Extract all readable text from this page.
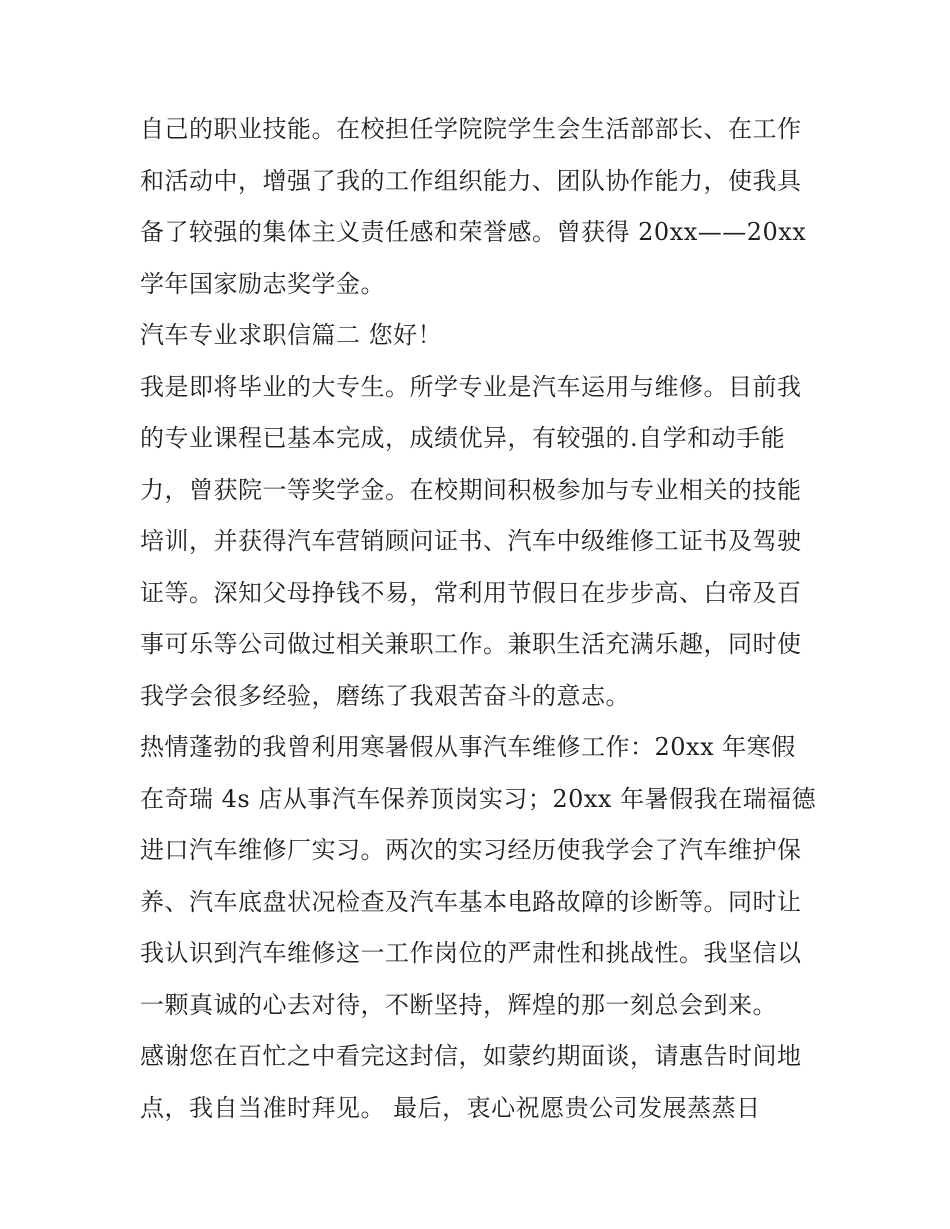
自己的职业技能。在校担任学院院学生会生活部部长、在工作
和活动中，增强了我的工作组织能力、团队协作能力，使我具
备了较强的集体主义责任感和荣誉感。曾获得 20xx——20xx
学年国家励志奖学金。
汽车专业求职信篇二 您好！
我是即将毕业的大专生。所学专业是汽车运用与维修。目前我
的专业课程已基本完成，成绩优异，有较强的.自学和动手能
力，曾获院一等奖学金。在校期间积极参加与专业相关的技能
培训，并获得汽车营销顾问证书、汽车中级维修工证书及驾驶
证等。深知父母挣钱不易，常利用节假日在步步高、白帝及百
事可乐等公司做过相关兼职工作。兼职生活充满乐趣，同时使
我学会很多经验，磨练了我艰苦奋斗的意志。
热情蓬勃的我曾利用寒暑假从事汽车维修工作：20xx 年寒假
在奇瑞 4s 店从事汽车保养顶岗实习；20xx 年暑假我在瑞福德
进口汽车维修厂实习。两次的实习经历使我学会了汽车维护保
养、汽车底盘状况检查及汽车基本电路故障的诊断等。同时让
我认识到汽车维修这一工作岗位的严肃性和挑战性。我坚信以
一颗真诚的心去对待，不断坚持，辉煌的那一刻总会到来。
感谢您在百忙之中看完这封信，如蒙约期面谈，请惠告时间地
点，我自当准时拜见。 最后，衷心祝愿贵公司发展蒸蒸日
